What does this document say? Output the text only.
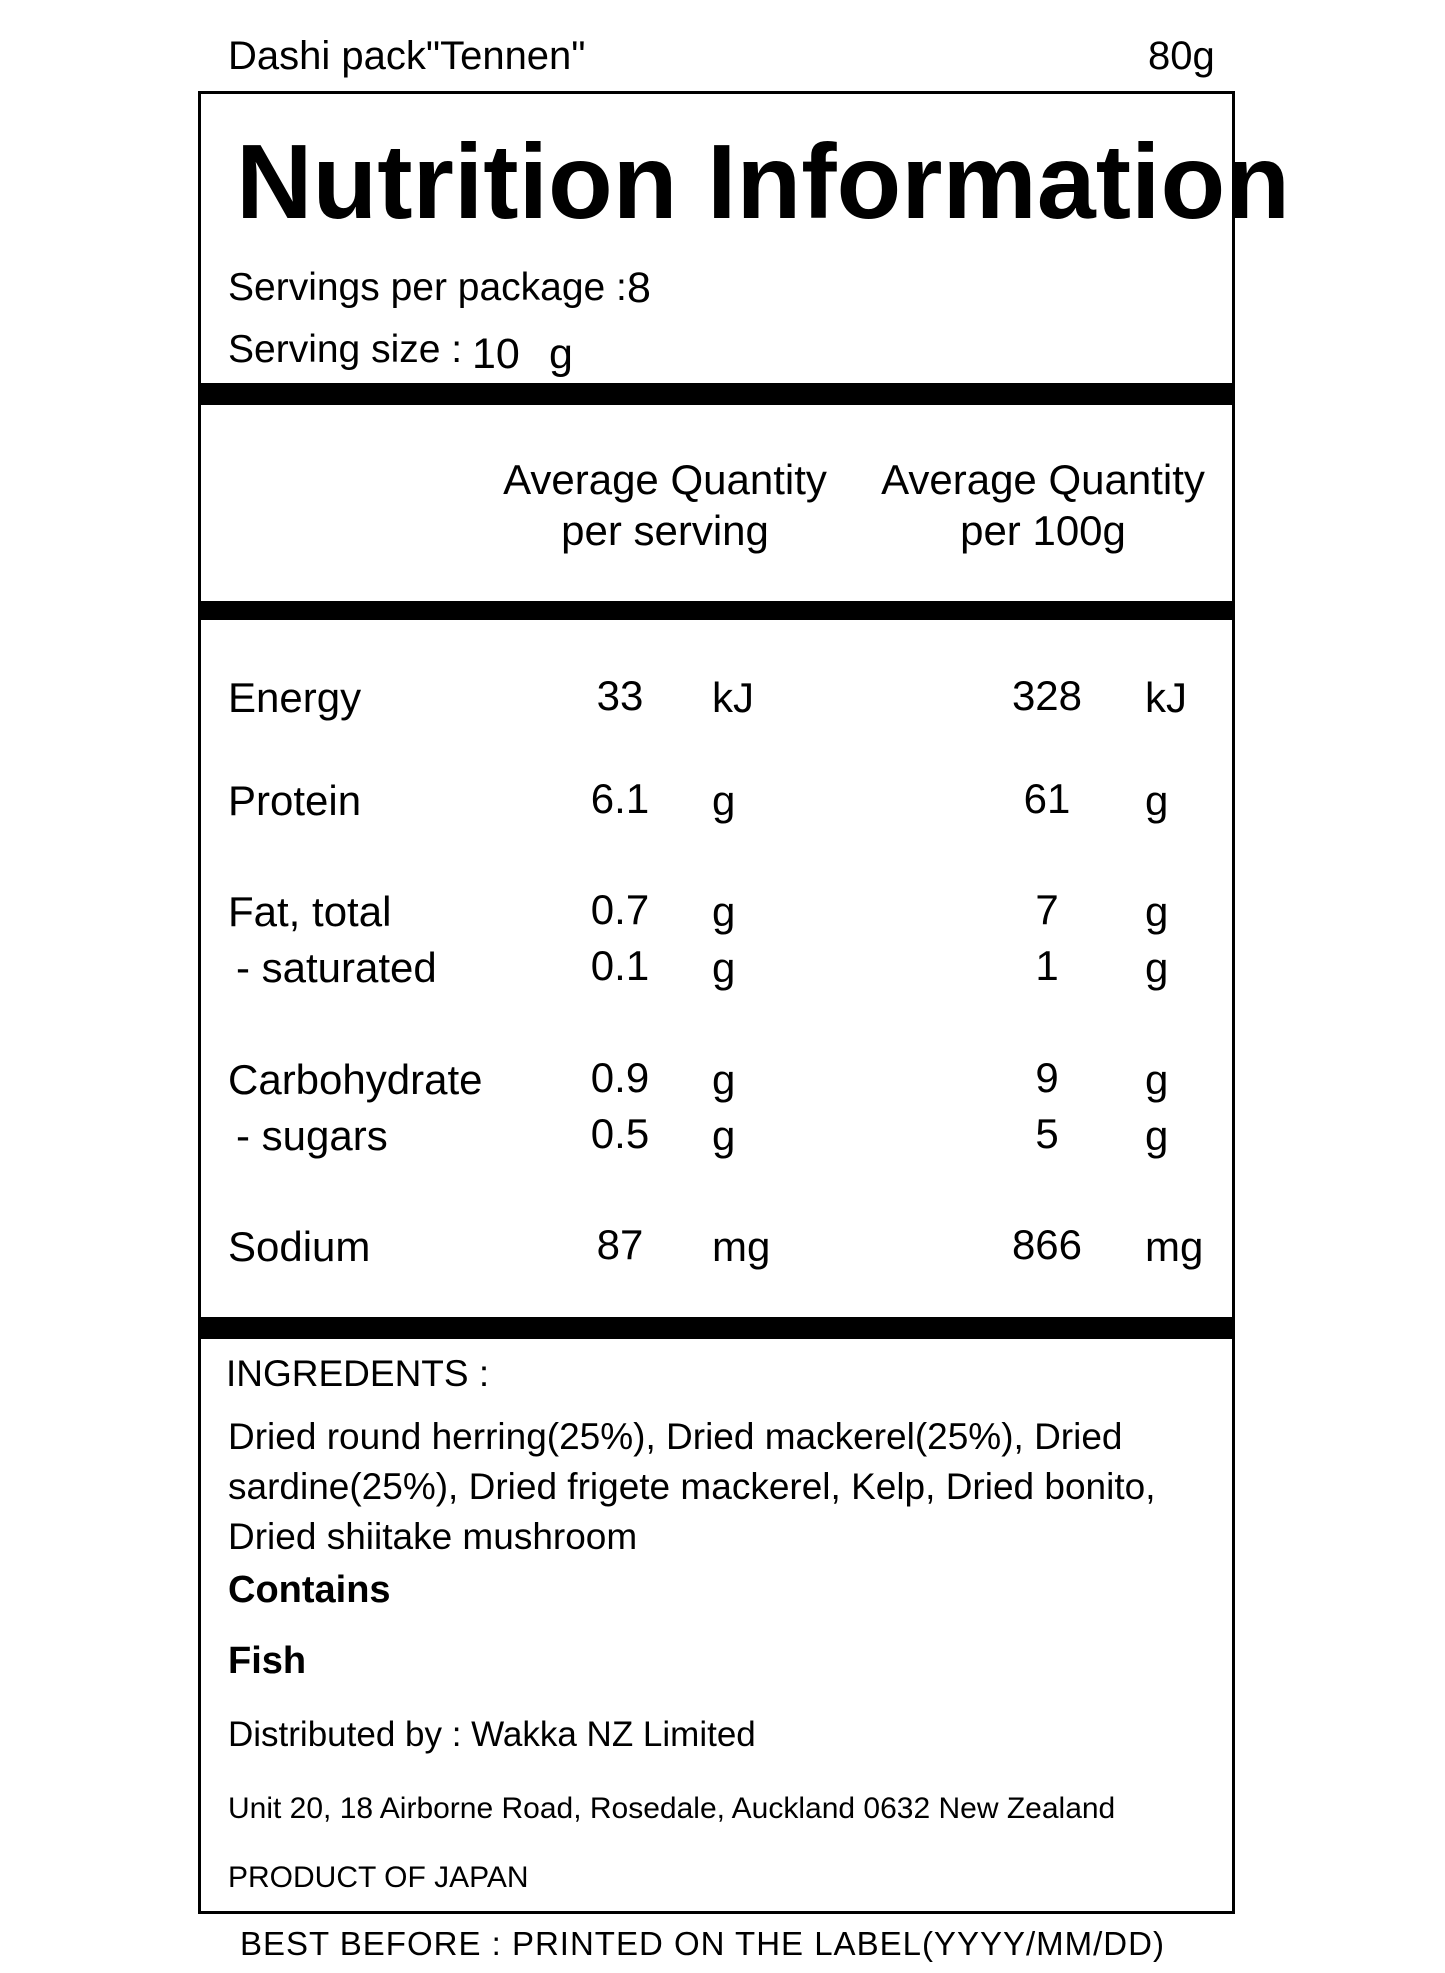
Dashi pack"Tennen"	80g
Nutrition Information
Servings per package : 8
Serving size : 10 g
Average Quantity
per serving
Average Quantity
per 100g
Energy	33	kJ	328	kJ
Protein	6.1	g	61	g
Fat, total	0.7	g	7	g
- saturated	0.1	g	1	g
Carbohydrate	0.9	g	9	g
- sugars	0.5	g	5	g
Sodium	87	mg	866	mg
INGREDENTS :
Dried round herring(25%), Dried mackerel(25%), Dried
sardine(25%), Dried frigete mackerel, Kelp, Dried bonito,
Dried shiitake mushroom
Contains
Fish
Distributed by : Wakka NZ Limited
Unit 20, 18 Airborne Road, Rosedale, Auckland 0632 New Zealand
PRODUCT OF JAPAN
BEST BEFORE : PRINTED ON THE LABEL(YYYY/MM/DD)
